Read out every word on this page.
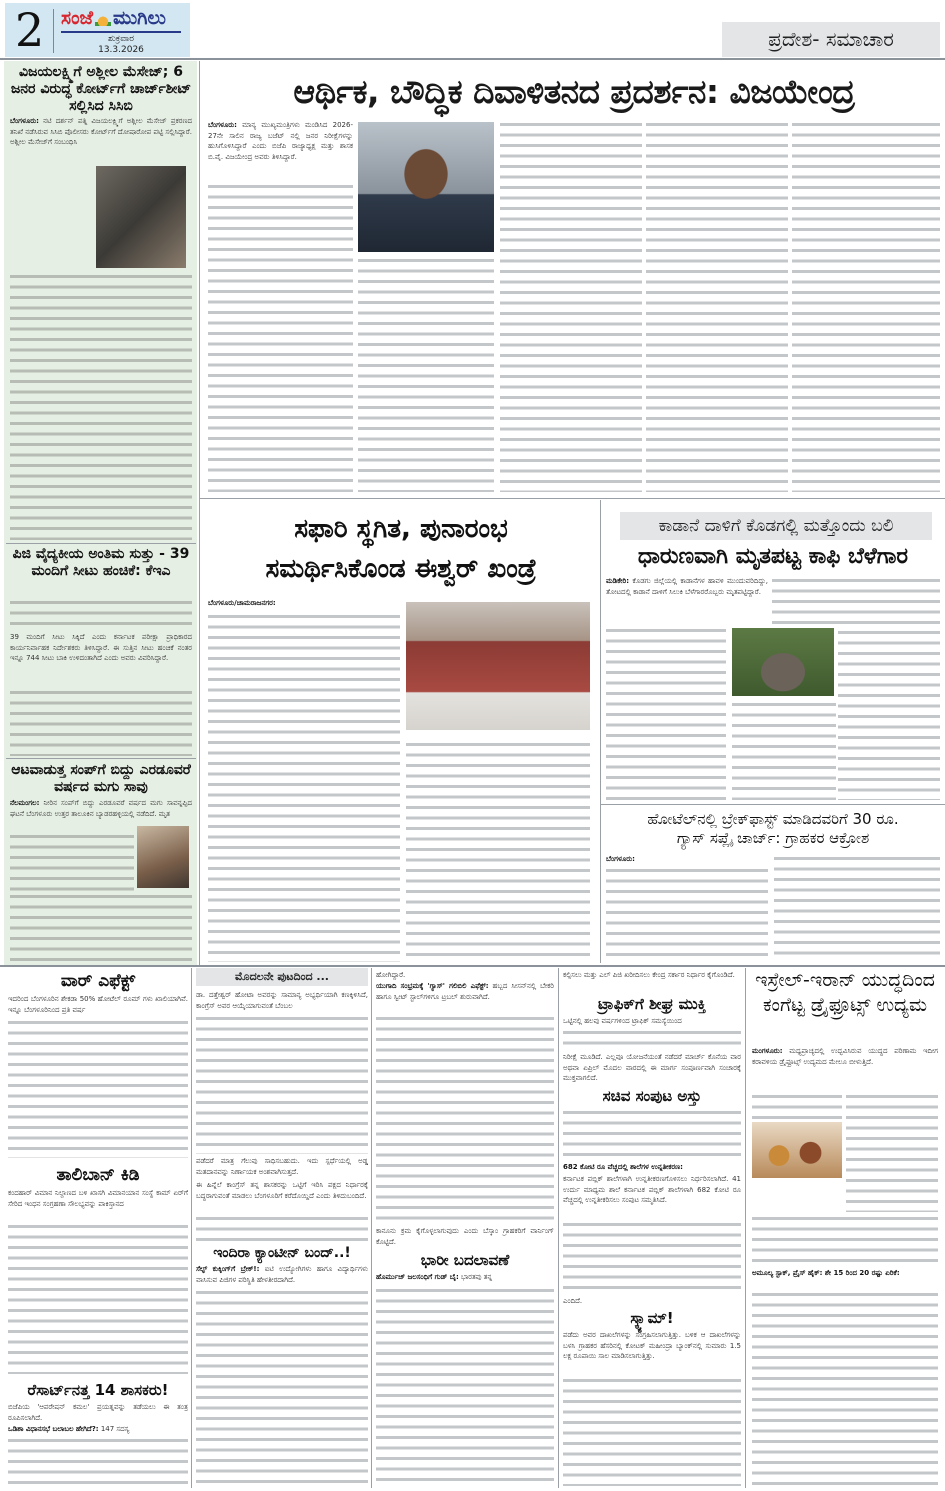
2 ಸಂಜೆ ಮುಗಿಲು
ಶುಕ್ರವಾರ
13.3.2026	ಪ್ರದೇಶ- ಸಮಾಚಾರ
ವಿಜಯಲಕ್ಷ್ಮಿಗೆ ಅಶ್ಲೀಲ ಮೆಸೇಜ್; 6 ಜನರ ವಿರುದ್ಧ ಕೋರ್ಟ್‌ಗೆ ಚಾರ್ಜ್‌ಶೀಟ್ ಸಲ್ಲಿಸಿದ ಸಿಸಿಬಿ
ಬೆಂಗಳೂರು: ನಟಿ ದರ್ಶನ್ ಪತ್ನಿ ವಿಜಯಲಕ್ಷ್ಮಿಗೆ ಅಶ್ಲೀಲ ಮೆಸೇಜ್ ಪ್ರಕರಣದ ತನಿಖೆ ನಡೆಸಿರುವ ಸಿಸಿಬಿ ಪೊಲೀಸರು ಕೋರ್ಟ್‌ಗೆ ದೋಷಾರೋಪ ಪಟ್ಟಿ ಸಲ್ಲಿಸಿದ್ದಾರೆ. ಅಶ್ಲೀಲ ಮೆಸೇಜ್‌ಗೆ ಸಂಬಂಧಿಸಿ
ಪಿಜಿ ವೈದ್ಯಕೀಯ ಅಂತಿಮ ಸುತ್ತು - 39 ಮಂದಿಗೆ ಸೀಟು ಹಂಚಿಕೆ: ಕೆಇಎ
39 ಮಂದಿಗೆ ಸೀಟು ಸಿಕ್ಕಿದೆ ಎಂದು ಕರ್ನಾಟಕ ಪರೀಕ್ಷಾ ಪ್ರಾಧಿಕಾರದ ಕಾರ್ಯನಿರ್ವಾಹಕ ನಿರ್ದೇಶಕರು ತಿಳಿಸಿದ್ದಾರೆ. ಈ ಸುತ್ತಿನ ಸೀಟು ಹಂಚಿಕೆ ನಂತರ ಇನ್ನೂ 744 ಸೀಟು ಬಾಕಿ ಉಳಿದಂತಾಗಿದೆ ಎಂದು ಅವರು ವಿವರಿಸಿದ್ದಾರೆ.
ಆಟವಾಡುತ್ತ ಸಂಪ್‌ಗೆ ಬಿದ್ದು ಎರಡೂವರೆ ವರ್ಷದ ಮಗು ಸಾವು
ನೆಲಮಂಗಲ: ನೀರಿನ ಸಂಪ್‌ಗೆ ಬಿದ್ದು ಎರಡೂವರೆ ವರ್ಷದ ಮಗು ಸಾವನ್ನಪ್ಪಿದ ಘಟನೆ ಬೆಂಗಳೂರು ಉತ್ತರ ತಾಲೂಕಿನ ಬ್ಯಾಡರಹಳ್ಳಿಯಲ್ಲಿ ನಡೆದಿದೆ. ಮೃತ
ಆರ್ಥಿಕ, ಬೌದ್ಧಿಕ ದಿವಾಳಿತನದ ಪ್ರದರ್ಶನ: ವಿಜಯೇಂದ್ರ
ಬೆಂಗಳೂರು: ಮಾನ್ಯ ಮುಖ್ಯಮಂತ್ರಿಗಳು ಮಂಡಿಸಿದ 2026-27ನೇ ಸಾಲಿನ ರಾಜ್ಯ ಬಜೆಟ್ ನಲ್ಲಿ ಜನರ ನಿರೀಕ್ಷೆಗಳನ್ನು ಹುಸಿಗೊಳಿಸಿದ್ದಾರೆ ಎಂದು ಬಿಜೆಪಿ ರಾಜ್ಯಾಧ್ಯಕ್ಷ ಮತ್ತು ಶಾಸಕ ಬಿ.ವೈ. ವಿಜಯೇಂದ್ರ ಅವರು ತಿಳಿಸಿದ್ದಾರೆ.
ಸಫಾರಿ ಸ್ಥಗಿತ, ಪುನಾರಂಭ
ಸಮರ್ಥಿಸಿಕೊಂಡ ಈಶ್ವರ್ ಖಂಡ್ರೆ
ಬೆಂಗಳೂರು/ಚಾಮರಾಜನಗರ:
ಕಾಡಾನೆ ದಾಳಿಗೆ ಕೊಡಗಲ್ಲಿ ಮತ್ತೊಂದು ಬಲಿ
ಧಾರುಣವಾಗಿ ಮೃತಪಟ್ಟ ಕಾಫಿ ಬೆಳೆಗಾರ
ಮಡಿಕೇರಿ: ಕೊಡಗು ಜಿಲ್ಲೆಯಲ್ಲಿ ಕಾಡಾನೆಗಳ ಹಾವಳಿ ಮುಂದುವರಿದಿದ್ದು, ತೋಟದಲ್ಲಿ ಕಾಡಾನೆ ದಾಳಿಗೆ ಸಿಲುಕಿ ಬೆಳೆಗಾರರೊಬ್ಬರು ಮೃತಪಟ್ಟಿದ್ದಾರೆ.
ಹೋಟೆಲ್‌ನಲ್ಲಿ ಬ್ರೇಕ್‌ಫಾಸ್ಟ್ ಮಾಡಿದವರಿಗೆ 30 ರೂ.
ಗ್ಯಾಸ್ ಸಪ್ಲೈ ಚಾರ್ಜ್: ಗ್ರಾಹಕರ ಆಕ್ರೋಶ
ಬೆಂಗಳೂರು:
ವಾರ್ ಎಫೆಕ್ಟ್
ಇದರಿಂದ ಬೆಂಗಳೂರಿನ ಶೇಕಡಾ 50% ಹೋಟೆಲ್ ರೂಮ್ ಗಳು ಖಾಲಿಯಾಗಿವೆ. ಇನ್ನೂ ಬೆಂಗಳೂರಿನಿಂದ ಪ್ರತಿ ವರ್ಷ
ತಾಲಿಬಾನ್ ಕಿಡಿ
ಕಂದಹಾರ್ ವಿಮಾನ ನಿಲ್ದಾಣದ ಬಳಿ ಖಾಸಗಿ ವಿಮಾನಯಾನ ಸಂಸ್ಥೆ ಕಾಮ್ ಏರ್‌ಗೆ ಸೇರಿದ ಇಂಧನ ಸಂಗ್ರಹಣಾ ಸೌಲಭ್ಯವನ್ನು ಪಾಕಿಸ್ತಾನದ
ರೆಸಾರ್ಟ್‌ನತ್ತ 14 ಶಾಸಕರು!
ಬಿಜೆಪಿಯ 'ಆಪರೇಷನ್ ಕಮಲ' ಪ್ರಯತ್ನವನ್ನು ತಡೆಯಲು ಈ ತಂತ್ರ ರೂಪಿಸಲಾಗಿದೆ.
ಒಡಿಶಾ ವಿಧಾನಸಭೆ ಬಲಾಬಲ ಹೇಗಿದೆ?: 147 ಸದಸ್ಯ
ಮೊದಲನೇ ಪುಟದಿಂದ ...
ಡಾ. ದತ್ತೇಶ್ವರ್ ಹೋಟಾ ಅವರನ್ನು ಸಾಮಾನ್ಯ ಅಭ್ಯರ್ಥಿಯಾಗಿ ಕಣಕ್ಕಿಳಿಸಿದೆ, ಕಾಂಗ್ರೆಸ್ ಅವರ ಆಯ್ಕೆಯಾಗುವಂತೆ ಬೆಂಬಲ
ಪಡೆದರೆ ಮಾತ್ರ ಗೆಲುವು ಸಾಧಿಸಬಹುದು. ಇದು ಸ್ಪರ್ಧೆಯಲ್ಲಿ ಅಡ್ಡ ಮತದಾನವನ್ನು ನಿರ್ಣಾಯಕ ಅಂಶವಾಗಿಸುತ್ತದೆ.
ಈ ಹಿನ್ನೆಲೆ ಕಾಂಗ್ರೆಸ್ ತನ್ನ ಶಾಸಕರನ್ನು ಒಟ್ಟಿಗೆ ಇರಿಸಿ ಪಕ್ಷದ ನಿರ್ಧಾರಕ್ಕೆ ಬದ್ಧರಾಗುವಂತೆ ಮಾಡಲು ಬೆಂಗಳೂರಿಗೆ ಕರೆದೊಯ್ದಿದೆ ಎಂದು ತಿಳಿದುಬಂದಿದೆ.
ಇಂದಿರಾ ಕ್ಯಾಂಟೀನ್ ಬಂದ್..!
ಸೆಲ್ಫ್ ಕುಕ್ಕಿಂಗ್‌ಗೆ ಬ್ರೇಕ್!: ಐಟಿ ಉದ್ಯೋಗಿಗಳು ಹಾಗೂ ವಿದ್ಯಾರ್ಥಿಗಳು ವಾಸಿಸುವ ಪಿಜಿಗಳ ಪರಿಸ್ಥಿತಿ ಹೇಳತೀರದಾಗಿದೆ.
ಹೋಗಿದ್ದಾರೆ.
ಯುಗಾದಿ ಸಂಭ್ರಮಕ್ಕೆ 'ಗ್ಯಾಸ್' ಗಲಿಬಿಲಿ ಎಫೆಕ್ಟ್: ಹಬ್ಬದ ಸೀಸನ್‌ನಲ್ಲಿ ಬೇಕರಿ ಹಾಗೂ ಸ್ವೀಟ್ ಸ್ಟಾಲ್‌ಗಳಿಗೂ ಟ್ರಬಲ್ ಶುರುವಾಗಿದೆ.
ಕಾನೂನು ಕ್ರಮ ಕೈಗೊಳ್ಳಲಾಗುವುದು ಎಂದು ಬೆಸ್ಕಾಂ ಗ್ರಾಹಕರಿಗೆ ವಾರ್ನಿಂಗ್ ಕೊಟ್ಟಿದೆ.
ಭಾರೀ ಬದಲಾವಣೆ
ಹೊರ್ಮುಜ್ ಜಲಸಂಧಿಗೆ ಗುಡ್ ಬೈ: ಭಾರತವು ತನ್ನ
ಕಲ್ಪಿಸಲು ಮತ್ತು ಎಲ್ ಪಿಜಿ ಖರೀದಿಸಲು ಕೇಂದ್ರ ಸರ್ಕಾರ ನಿರ್ಧಾರ ಕೈಗೊಂಡಿದೆ.
ಟ್ರಾಫಿಕ್‌ಗೆ ಶೀಘ್ರ ಮುಕ್ತಿ
ಒಟ್ಟಿನಲ್ಲಿ ಹಲವು ವರ್ಷಗಳಿಂದ ಟ್ರಾಫಿಕ್ ಸಮಸ್ಯೆಯಿಂದ
ನಿರೀಕ್ಷೆ ಮೂಡಿದೆ. ಎಲ್ಲವೂ ಯೋಜನೆಯಂತೆ ನಡೆದರೆ ಮಾರ್ಚ್ ಕೊನೆಯ ವಾರ ಅಥವಾ ಏಪ್ರಿಲ್ ಮೊದಲ ವಾರದಲ್ಲಿ ಈ ಮಾರ್ಗ ಸಂಪೂರ್ಣವಾಗಿ ಸಂಚಾರಕ್ಕೆ ಮುಕ್ತವಾಗಲಿದೆ.
ಸಚಿವ ಸಂಪುಟ ಅಸ್ತು
682 ಕೋಟಿ ರೂ ವೆಚ್ಚದಲ್ಲಿ ಶಾಲೆಗಳ ಉನ್ನತೀಕರಣ:
ಕರ್ನಾಟಕ ಪಬ್ಲಿಕ್ ಶಾಲೆಗಳಾಗಿ ಉನ್ನತೀಕರಣಗೊಳಿಸಲು ನಿರ್ಧರಿಸಲಾಗಿದೆ. 41 ಉರ್ದು ಮಾಧ್ಯಮ ಶಾಲೆ ಕರ್ನಾಟಕ ಪಬ್ಲಿಕ್ ಶಾಲೆಗಳಾಗಿ 682 ಕೋಟಿ ರೂ ವೆಚ್ಚದಲ್ಲಿ ಉನ್ನತೀಕರಿಸಲು ಸಂಪುಟ ಸಮ್ಮತಿಸಿದೆ.
ಎಂದಿದೆ.
ಸ್ಕ್ಯಾಮ್!
ಪಡೆದು ಅವರ ದಾಖಲೆಗಳನ್ನು ಸಂಗ್ರಹಿಸಲಾಗುತ್ತಿತ್ತು. ಬಳಿಕ ಆ ದಾಖಲೆಗಳನ್ನು ಬಳಸಿ ಗ್ರಾಹಕರ ಹೆಸರಿನಲ್ಲಿ ಕೋಟಕ್ ಮಹೀಂದ್ರಾ ಬ್ಯಾಂಕ್‌ನಲ್ಲಿ ಸುಮಾರು 1.5 ಲಕ್ಷ ರೂಪಾಯಿ ಸಾಲ ಮಾಡಿಸಲಾಗುತ್ತಿತ್ತು.
ಇಸ್ರೇಲ್-ಇರಾನ್ ಯುದ್ಧದಿಂದ ಕಂಗೆಟ್ಟ ಡ್ರೈಫ್ರೂಟ್ಸ್ ಉದ್ಯಮ
ಮಂಗಳೂರು: ಮಧ್ಯಪ್ರಾಚ್ಯದಲ್ಲಿ ಉದ್ಭವಿಸಿರುವ ಯುದ್ಧದ ಪರಿಣಾಮ ಇದೀಗ ಕರಾವಳಿಯ ಡ್ರೈಫ್ರೂಟ್ಸ್ ಉದ್ಯಮದ ಮೇಲೂ ಬೀಳುತ್ತಿದೆ.
ಅಮೂಲ್ಯ ಸ್ಟಾಕ್, ಪ್ರೈಸ್ ಹೈಕ್: ಶೇ 15 ರಿಂದ 20 ರಷ್ಟು ಏರಿಕೆ:
